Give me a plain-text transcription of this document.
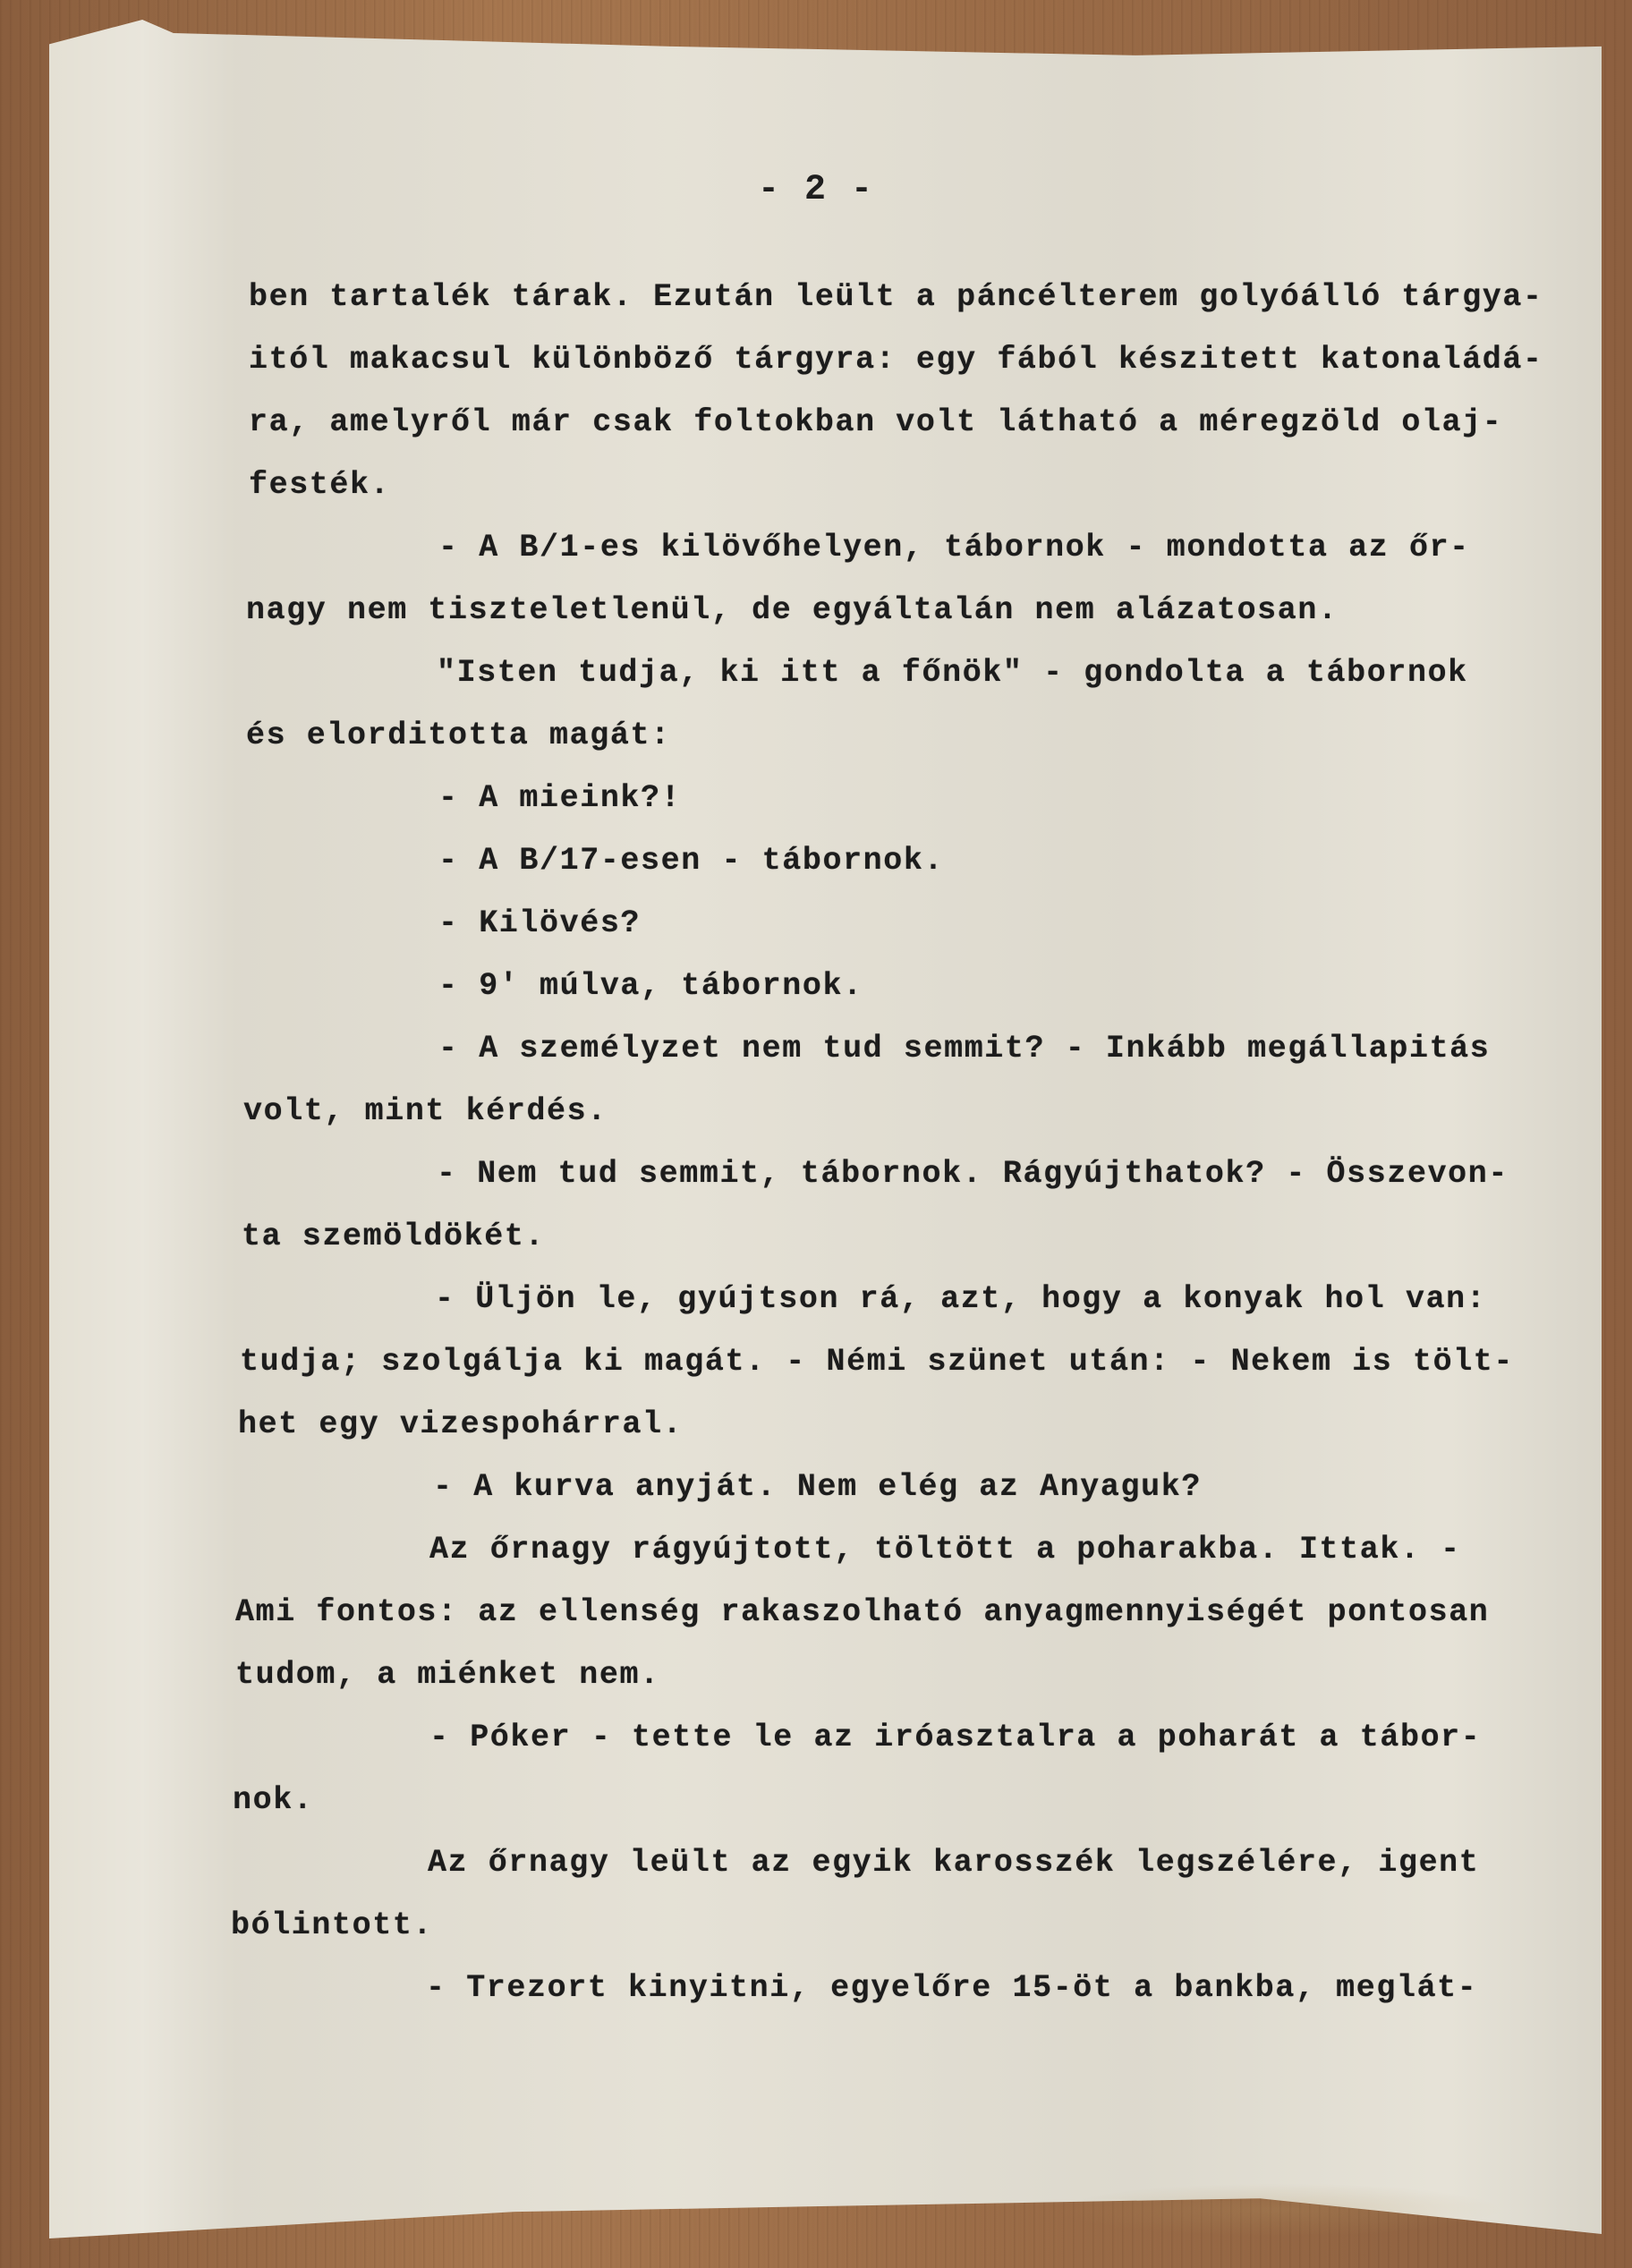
- 2 -
ben tartalék tárak. Ezután leült a páncélterem golyóálló tárgya-
itól makacsul különböző tárgyra: egy fából készitett katonaládá-
ra, amelyről már csak foltokban volt látható a méregzöld olaj-
festék.
- A B/1-es kilövőhelyen, tábornok - mondotta az őr-
nagy nem tiszteletlenül, de egyáltalán nem alázatosan.
"Isten tudja, ki itt a főnök" - gondolta a tábornok
és elorditotta magát:
- A mieink?!
- A B/17-esen - tábornok.
- Kilövés?
- 9' múlva, tábornok.
- A személyzet nem tud semmit? - Inkább megállapitás
volt, mint kérdés.
- Nem tud semmit, tábornok. Rágyújthatok? - Összevon-
ta szemöldökét.
- Üljön le, gyújtson rá, azt, hogy a konyak hol van:
tudja; szolgálja ki magát. - Némi szünet után: - Nekem is tölt-
het egy vizespohárral.
- A kurva anyját. Nem elég az Anyaguk?
Az őrnagy rágyújtott, töltött a poharakba. Ittak. -
Ami fontos: az ellenség rakaszolható anyagmennyiségét pontosan
tudom, a miénket nem.
- Póker - tette le az iróasztalra a poharát a tábor-
nok.
Az őrnagy leült az egyik karosszék legszélére, igent
bólintott.
- Trezort kinyitni, egyelőre 15-öt a bankba, meglát-
